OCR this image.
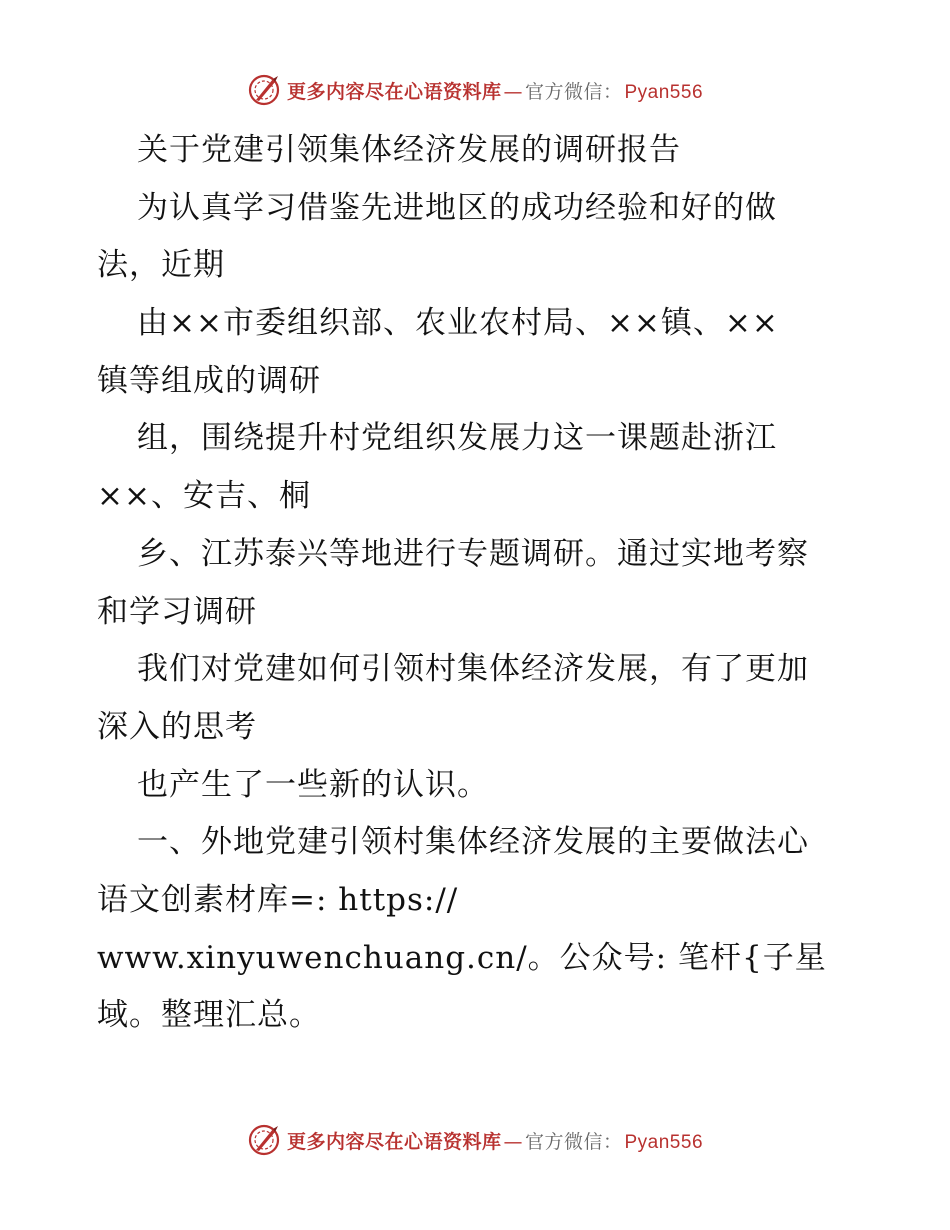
更多内容尽在心语资料库 — 官方微信： Pyan556
关于党建引领集体经济发展的调研报告
为认真学习借鉴先进地区的成功经验和好的做
法，近期
由××市委组织部、农业农村局、××镇、××
镇等组成的调研
组，围绕提升村党组织发展力这一课题赴浙江
××、安吉、桐
乡、江苏泰兴等地进行专题调研。通过实地考察
和学习调研
我们对党建如何引领村集体经济发展，有了更加
深入的思考
也产生了一些新的认识。
一、外地党建引领村集体经济发展的主要做法心
语文创素材库=: https://
www.xinyuwenchuang.cn/。公众号: 笔杆{子星
域。整理汇总。
更多内容尽在心语资料库 — 官方微信： Pyan556
